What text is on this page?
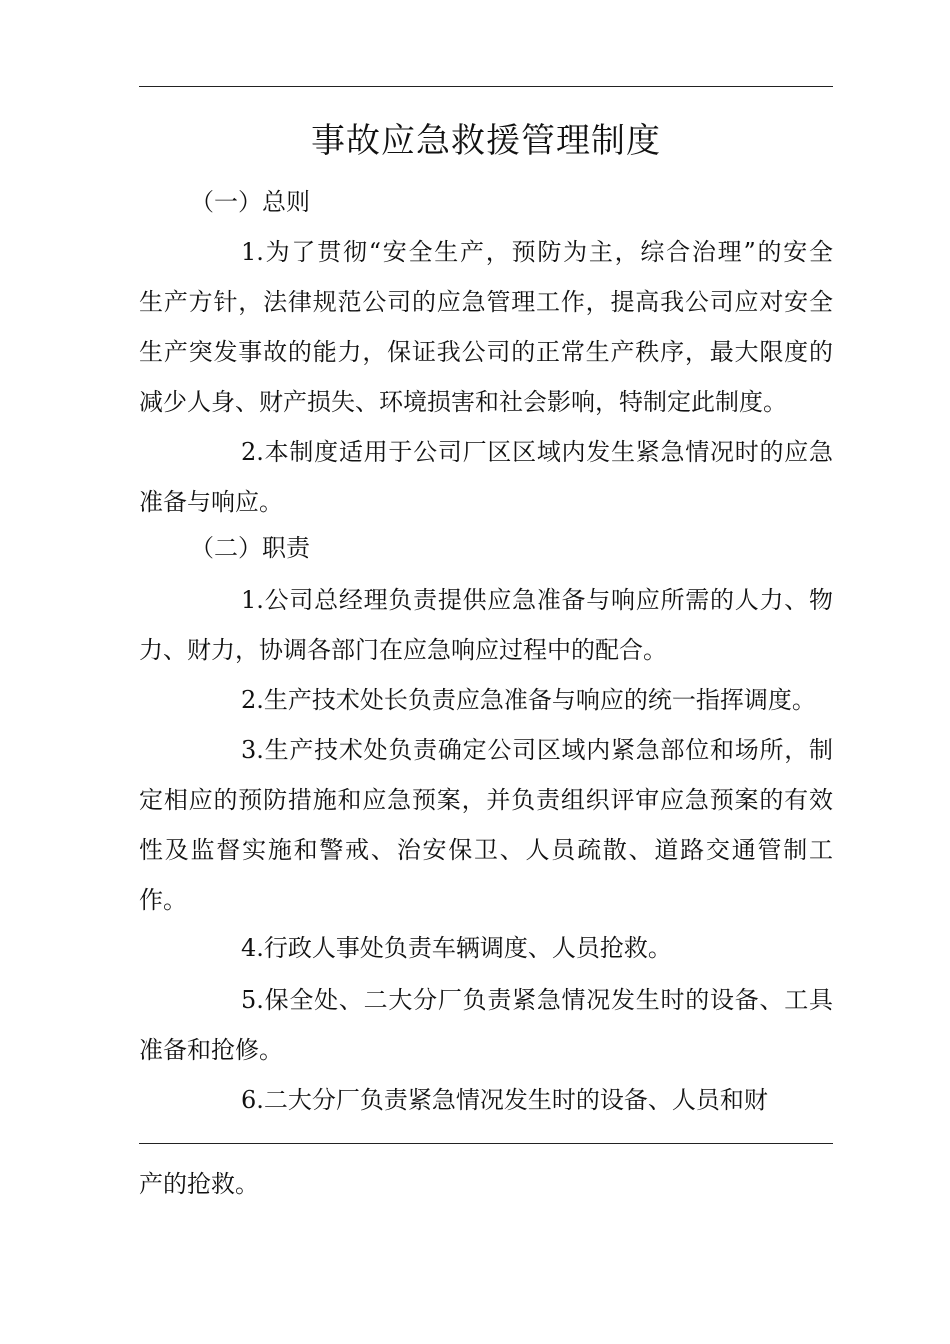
事故应急救援管理制度
（一）总则
1.为了贯彻“安全生产，预防为主，综合治理”的安全
生产方针，法律规范公司的应急管理工作，提高我公司应对安全
生产突发事故的能力，保证我公司的正常生产秩序，最大限度的
减少人身、财产损失、环境损害和社会影响，特制定此制度。
2.本制度适用于公司厂区区域内发生紧急情况时的应急
准备与响应。
（二）职责
1.公司总经理负责提供应急准备与响应所需的人力、物
力、财力，协调各部门在应急响应过程中的配合。
2.生产技术处长负责应急准备与响应的统一指挥调度。
3.生产技术处负责确定公司区域内紧急部位和场所，制
定相应的预防措施和应急预案，并负责组织评审应急预案的有效
性及监督实施和警戒、治安保卫、人员疏散、道路交通管制工
作。
4.行政人事处负责车辆调度、人员抢救。
5.保全处、二大分厂负责紧急情况发生时的设备、工具
准备和抢修。
6.二大分厂负责紧急情况发生时的设备、人员和财
产的抢救。
